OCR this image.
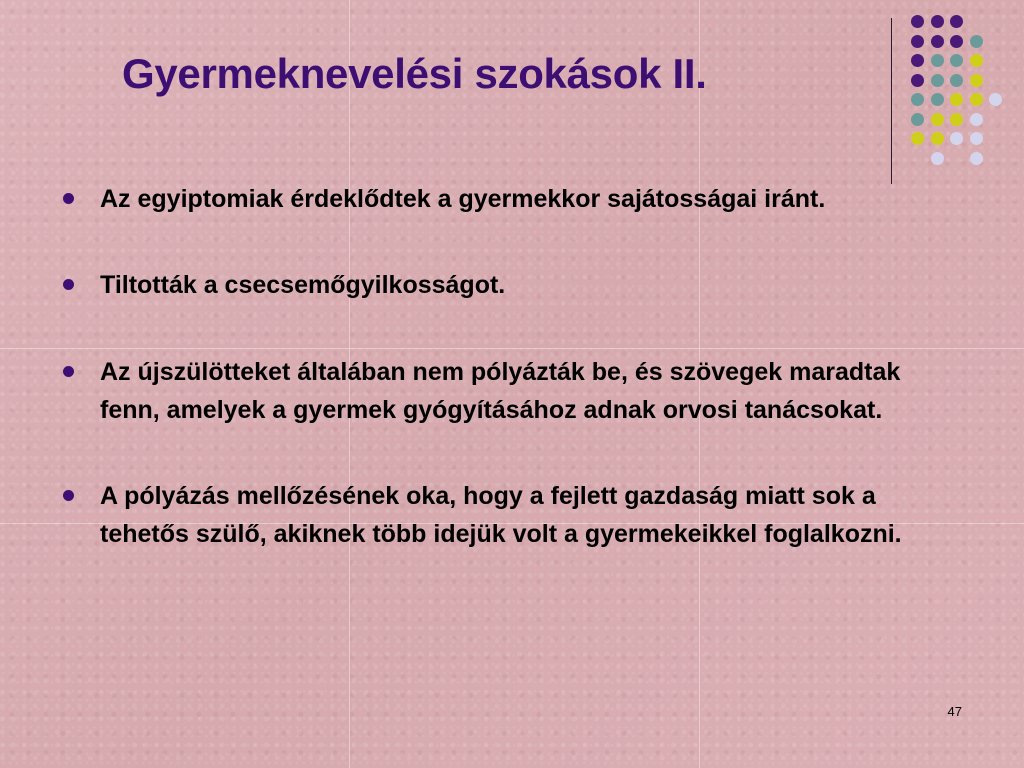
Gyermeknevelési szokások II.
Az egyiptomiak érdeklődtek a gyermekkor sajátosságai iránt.
Tiltották a csecsemőgyilkosságot.
Az újszülötteket általában nem pólyázták be, és szövegek maradtak fenn, amelyek a gyermek gyógyításához adnak orvosi tanácsokat.
A pólyázás mellőzésének oka, hogy a fejlett gazdaság miatt sok a tehetős szülő, akiknek több idejük volt a gyermekeikkel foglalkozni.
47
